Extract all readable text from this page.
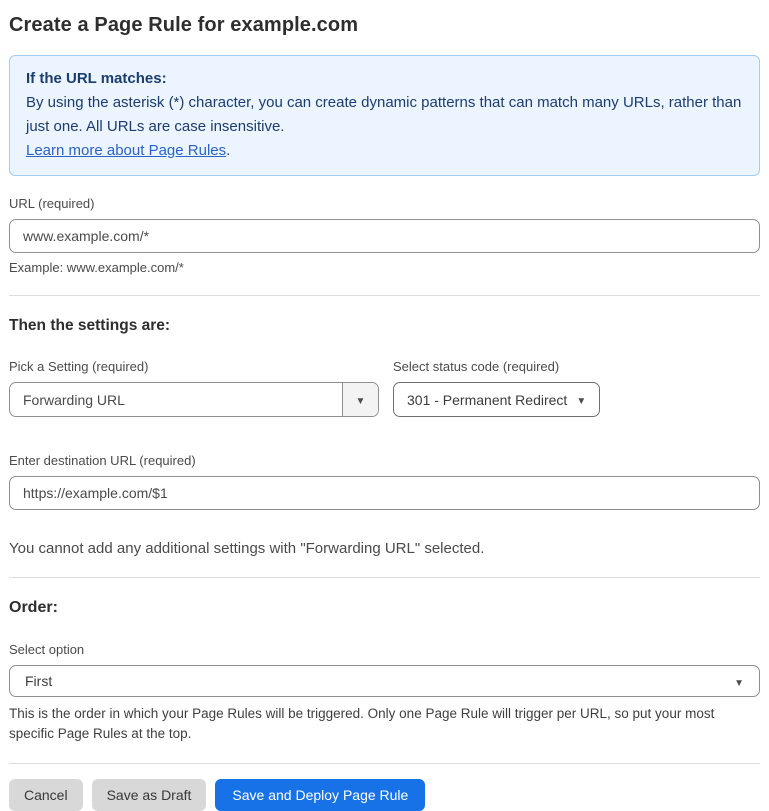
Create a Page Rule for example.com
If the URL matches:
By using the asterisk (*) character, you can create dynamic patterns that can match many URLs, rather than just one. All URLs are case insensitive.
Learn more about Page Rules.
URL (required)
www.example.com/*
Example: www.example.com/*
Then the settings are:
Pick a Setting (required)
Forwarding URL
▼
Select status code (required)
301 - Permanent Redirect
▼
Enter destination URL (required)
https://example.com/$1
You cannot add any additional settings with "Forwarding URL" selected.
Order:
Select option
First
▼
This is the order in which your Page Rules will be triggered. Only one Page Rule will trigger per URL, so put your most specific Page Rules at the top.
Cancel	Save as Draft	Save and Deploy Page Rule
